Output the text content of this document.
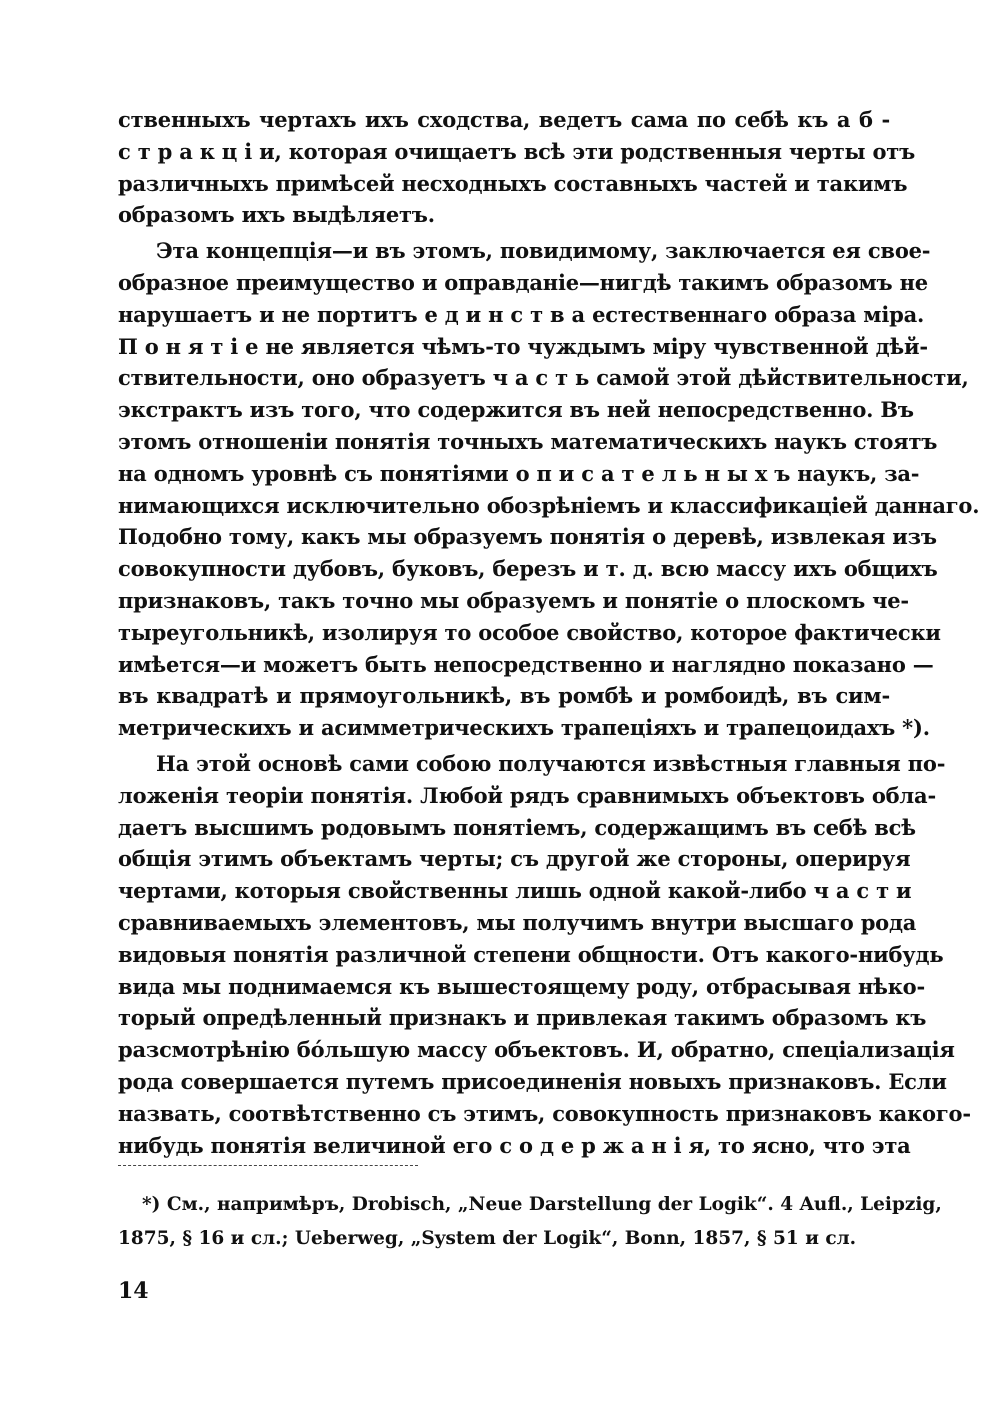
ственныхъ чертахъ ихъ сходства, ведетъ сама по себѣ къ а б -
с т р а к ц і и, которая очищаетъ всѣ эти родственныя черты отъ
различныхъ примѣсей несходныхъ составныхъ частей и такимъ
образомъ ихъ выдѣляетъ.
Эта концепція—и въ этомъ, повидимому, заключается ея свое-
образное преимущество и оправданіе—нигдѣ такимъ образомъ не
нарушаетъ и не портитъ е д и н с т в а естественнаго образа міра.
П о н я т і е не является чѣмъ-то чуждымъ міру чувственной дѣй-
ствительности, оно образуетъ ч а с т ь самой этой дѣйствительности,
экстрактъ изъ того, что содержится въ ней непосредственно. Въ
этомъ отношеніи понятія точныхъ математическихъ наукъ стоятъ
на одномъ уровнѣ съ понятіями о п и с а т е л ь н ы х ъ наукъ, за-
нимающихся исключительно обозрѣніемъ и классификаціей даннаго.
Подобно тому, какъ мы образуемъ понятія о деревѣ, извлекая изъ
совокупности дубовъ, буковъ, березъ и т. д. всю массу ихъ общихъ
признаковъ, такъ точно мы образуемъ и понятіе о плоскомъ че-
тыреугольникѣ, изолируя то особое свойство, которое фактически
имѣется—и можетъ быть непосредственно и наглядно показано —
въ квадратѣ и прямоугольникѣ, въ ромбѣ и ромбоидѣ, въ сим-
метрическихъ и асимметрическихъ трапеціяхъ и трапецоидахъ *).
На этой основѣ сами собою получаются извѣстныя главныя по-
ложенія теоріи понятія. Любой рядъ сравнимыхъ объектовъ обла-
даетъ высшимъ родовымъ понятіемъ, содержащимъ въ себѣ всѣ
общія этимъ объектамъ черты; съ другой же стороны, оперируя
чертами, которыя свойственны лишь одной какой-либо ч а с т и
сравниваемыхъ элементовъ, мы получимъ внутри высшаго рода
видовыя понятія различной степени общности. Отъ какого-нибудь
вида мы поднимаемся къ вышестоящему роду, отбрасывая нѣко-
торый опредѣленный признакъ и привлекая такимъ образомъ къ
разсмотрѣнію бóльшую массу объектовъ. И, обратно, спеціализація
рода совершается путемъ присоединенія новыхъ признаковъ. Если
назвать, соотвѣтственно съ этимъ, совокупность признаковъ какого-
нибудь понятія величиной его с о д е р ж а н і я, то ясно, что эта
*) См., напримѣръ, Drobisch, „Neue Darstellung der Logik“. 4 Aufl., Leipzig,
1875, § 16 и сл.; Ueberweg, „System der Logik“, Bonn, 1857, § 51 и сл.
14
